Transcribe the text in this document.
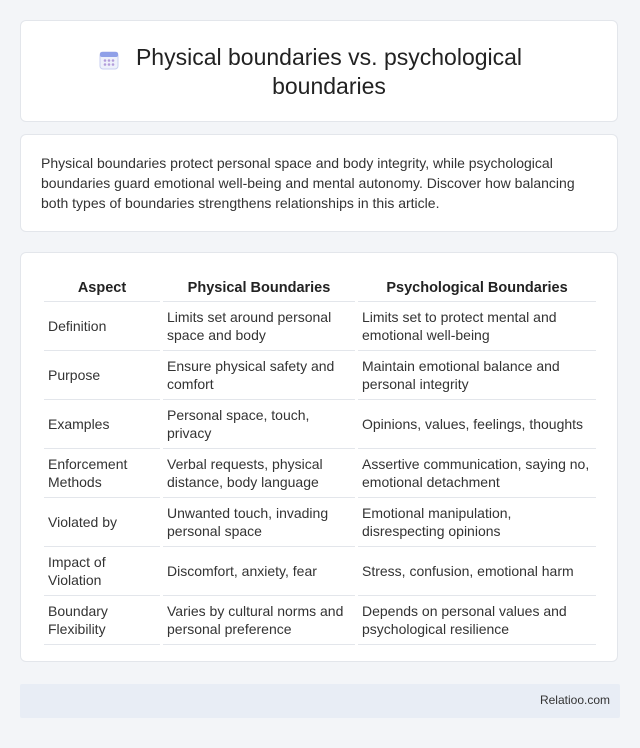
Physical boundaries vs. psychological boundaries

Physical boundaries protect personal space and body integrity, while psychological boundaries guard emotional well-being and mental autonomy. Discover how balancing both types of boundaries strengthens relationships in this article.

Aspect	Physical Boundaries	Psychological Boundaries
Definition	Limits set around personal space and body	Limits set to protect mental and emotional well-being
Purpose	Ensure physical safety and comfort	Maintain emotional balance and personal integrity
Examples	Personal space, touch, privacy	Opinions, values, feelings, thoughts
Enforcement Methods	Verbal requests, physical distance, body language	Assertive communication, saying no, emotional detachment
Violated by	Unwanted touch, invading personal space	Emotional manipulation, disrespecting opinions
Impact of Violation	Discomfort, anxiety, fear	Stress, confusion, emotional harm
Boundary Flexibility	Varies by cultural norms and personal preference	Depends on personal values and psychological resilience
Relatioo.com
